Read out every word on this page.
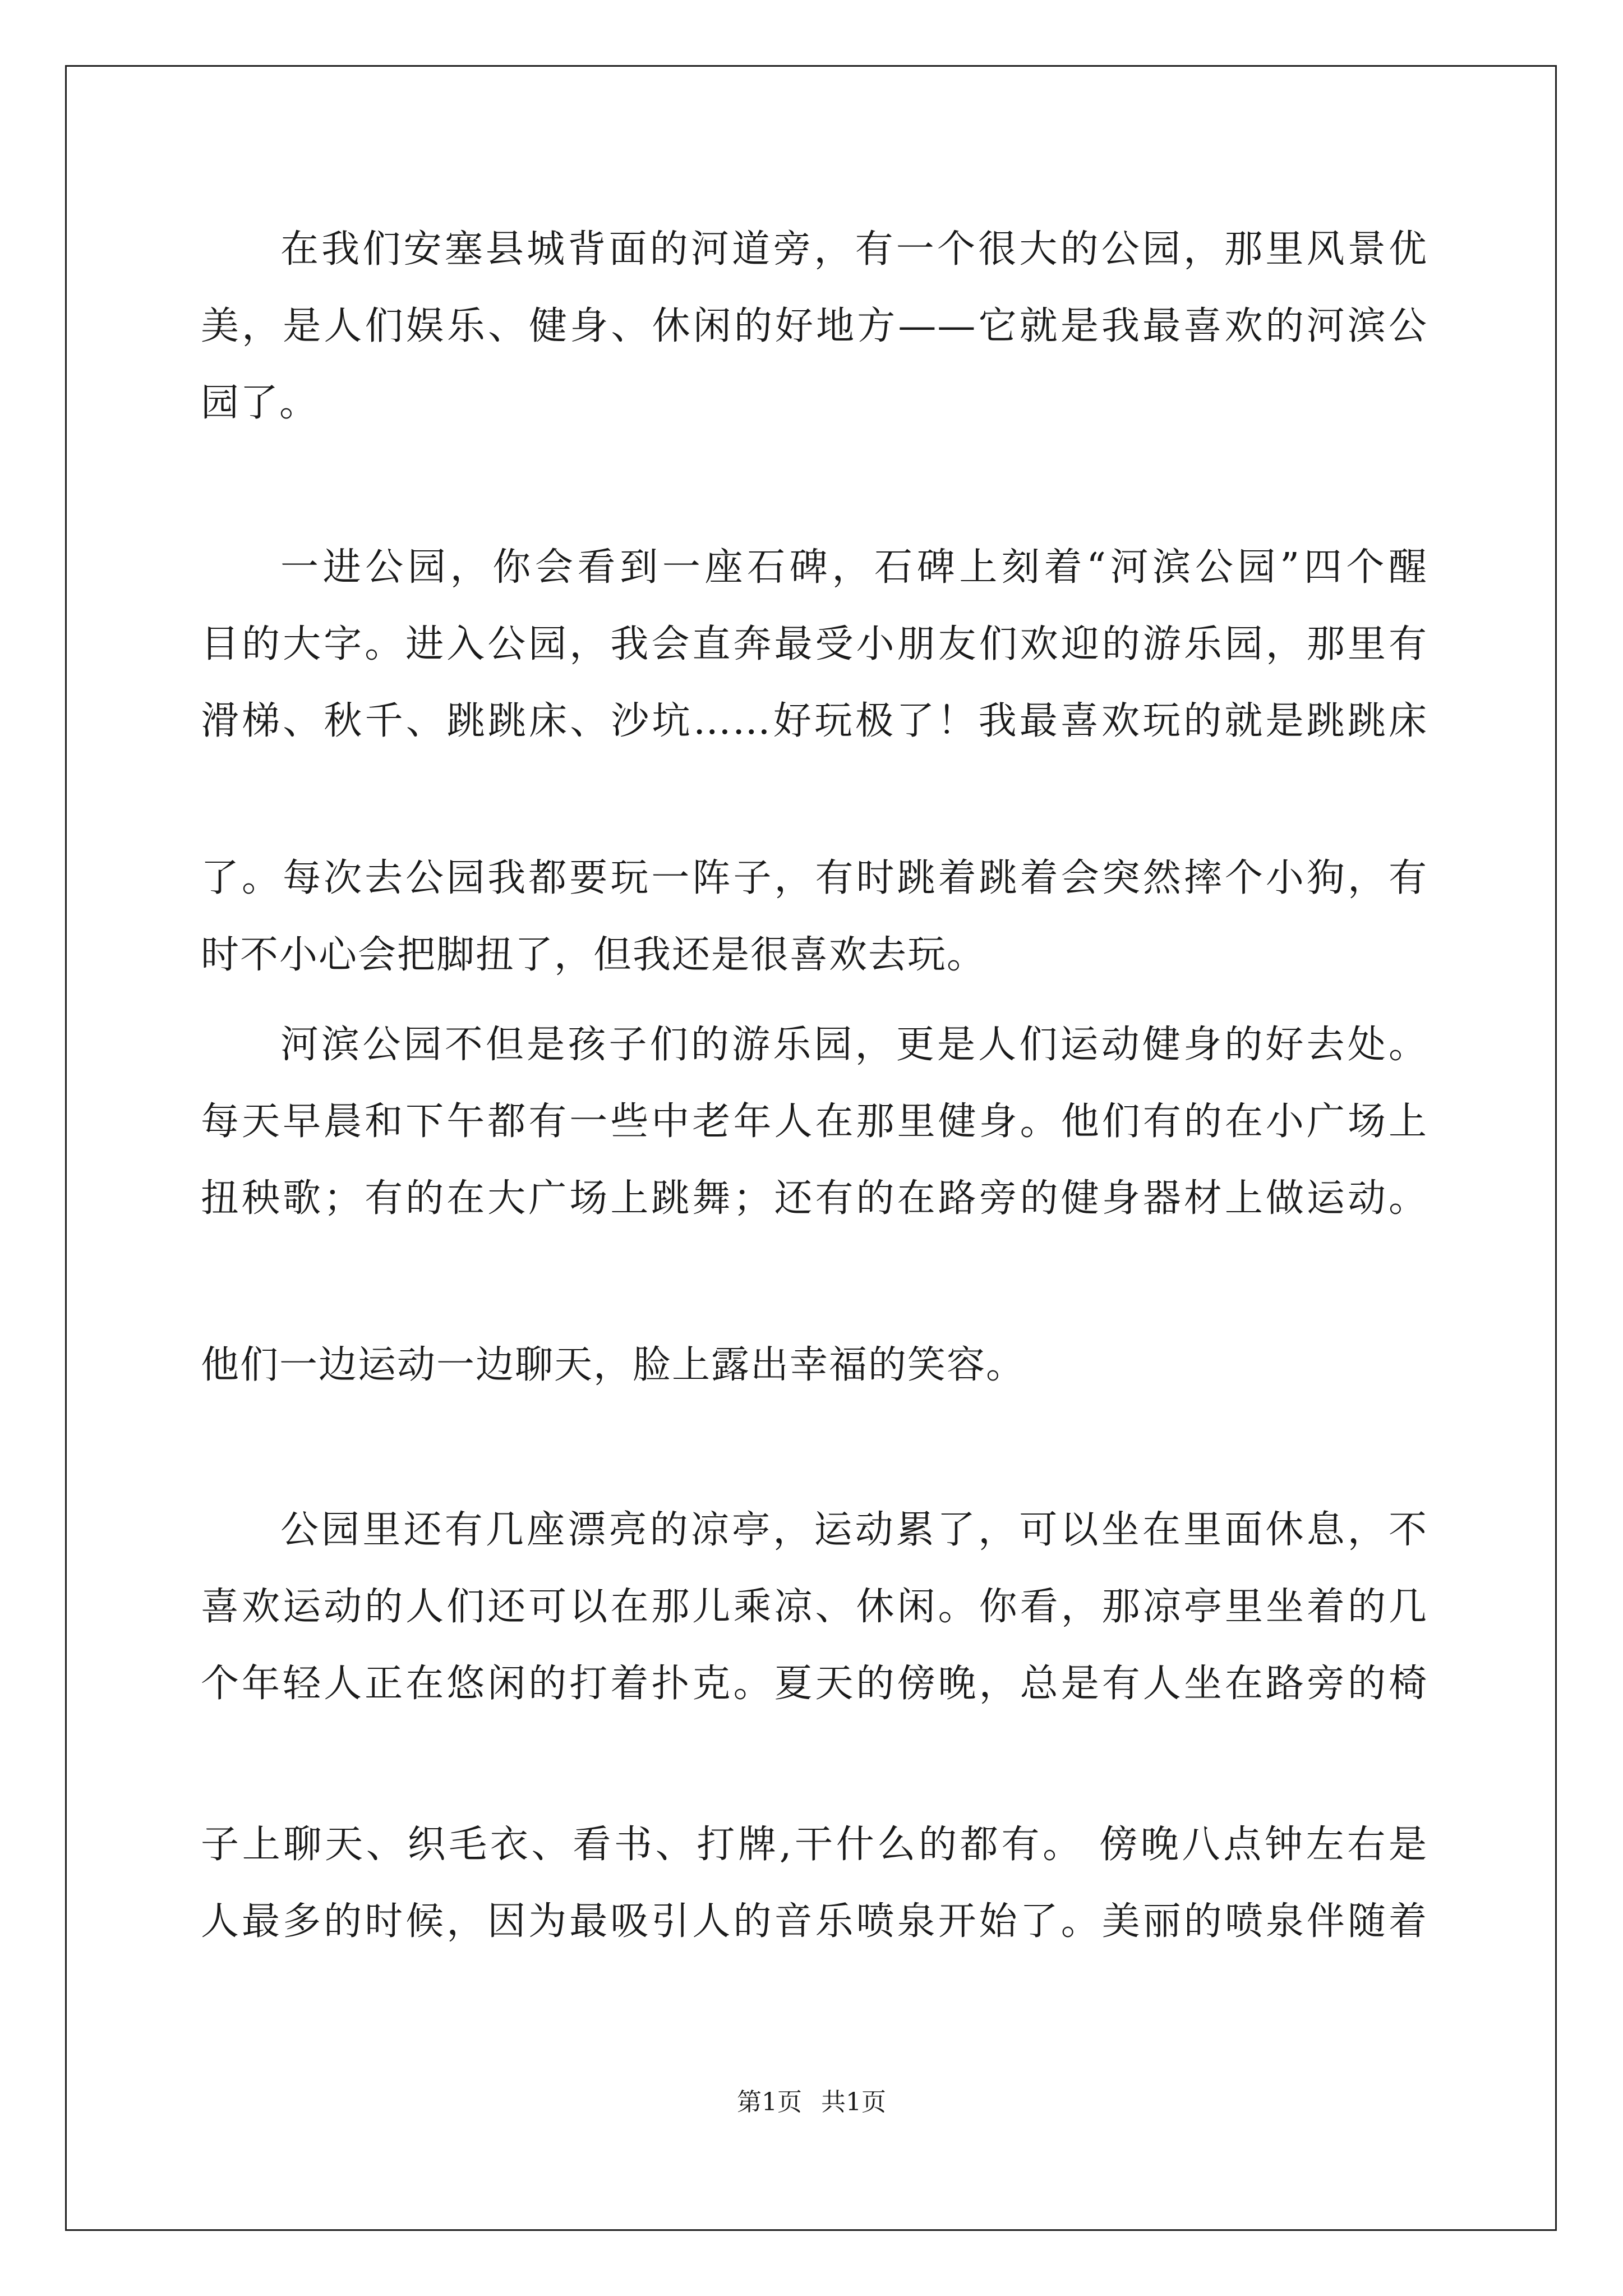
在我们安塞县城背面的河道旁，有一个很大的公园，那里风景优
美，是人们娱乐、健身、休闲的好地方——它就是我最喜欢的河滨公
园了。
一进公园，你会看到一座石碑，石碑上刻着“河滨公园”四个醒
目的大字。进入公园，我会直奔最受小朋友们欢迎的游乐园，那里有
滑梯、秋千、跳跳床、沙坑……好玩极了！我最喜欢玩的就是跳跳床
了。每次去公园我都要玩一阵子，有时跳着跳着会突然摔个小狗，有
时不小心会把脚扭了，但我还是很喜欢去玩。
河滨公园不但是孩子们的游乐园，更是人们运动健身的好去处。
每天早晨和下午都有一些中老年人在那里健身。他们有的在小广场上
扭秧歌；有的在大广场上跳舞；还有的在路旁的健身器材上做运动。
他们一边运动一边聊天，脸上露出幸福的笑容。
公园里还有几座漂亮的凉亭，运动累了，可以坐在里面休息，不
喜欢运动的人们还可以在那儿乘凉、休闲。你看，那凉亭里坐着的几
个年轻人正在悠闲的打着扑克。夏天的傍晚，总是有人坐在路旁的椅
子上聊天、织毛衣、看书、打牌,干什么的都有。 傍晚八点钟左右是
人最多的时候，因为最吸引人的音乐喷泉开始了。美丽的喷泉伴随着
第1页 共1页
